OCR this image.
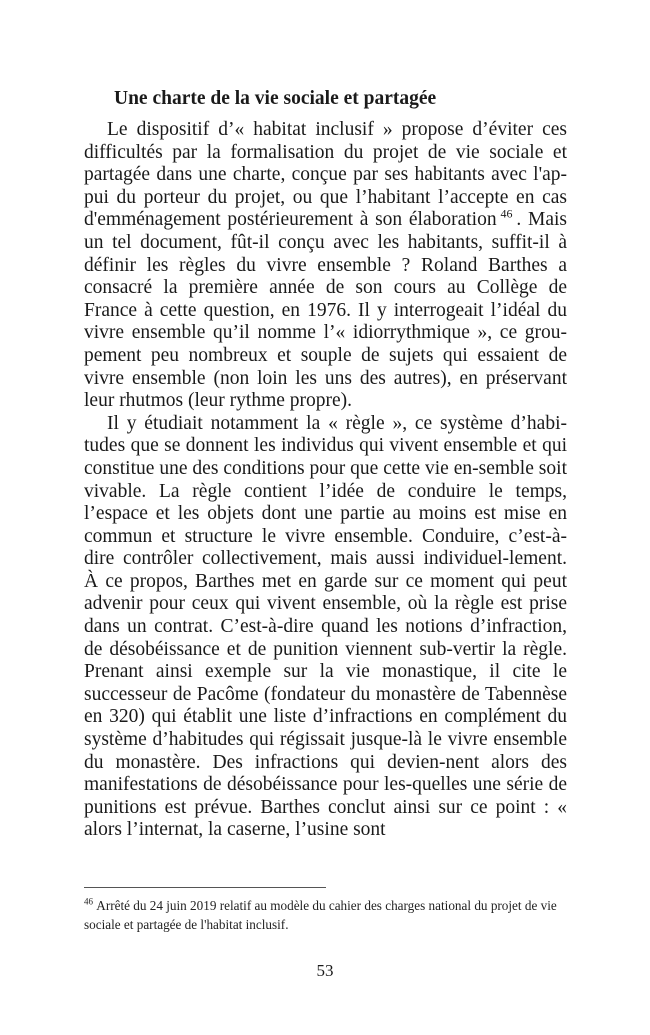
Une charte de la vie sociale et partagée

Le dispositif d’« habitat inclusif » propose d’éviter ces difficultés par la formalisation du projet de vie sociale et partagée dans une charte, conçue par ses habitants avec l'ap-pui du porteur du projet, ou que l’habitant l’accepte en cas d'emménagement postérieurement à son élaboration  $^{46}$  . Mais un tel document, fût-il conçu avec les habitants, suffit-il à définir les règles du vivre ensemble ? Roland Barthes a consacré la première année de son cours au Collège de France à cette question, en 1976. Il y interrogeait l’idéal du vivre ensemble qu’il nomme l’« idiorrythmique », ce grou-pement peu nombreux et souple de sujets qui essaient de vivre ensemble (non loin les uns des autres), en préservant leur rhutmos (leur rythme propre).

Il y étudiait notamment la « règle », ce système d’habi-tudes que se donnent les individus qui vivent ensemble et qui constitue une des conditions pour que cette vie en-semble soit vivable. La règle contient l’idée de conduire le temps, l’espace et les objets dont une partie au moins est mise en commun et structure le vivre ensemble. Conduire, c’est-à-dire contrôler collectivement, mais aussi individuel-lement. À ce propos, Barthes met en garde sur ce moment qui peut advenir pour ceux qui vivent ensemble, où la règle est prise dans un contrat. C’est-à-dire quand les notions d’infraction, de désobéissance et de punition viennent sub-vertir la règle. Prenant ainsi exemple sur la vie monastique, il cite le successeur de Pacôme (fondateur du monastère de Tabennèse en 320) qui établit une liste d’infractions en complément du système d’habitudes qui régissait jusque-là le vivre ensemble du monastère. Des infractions qui devien-nent alors des manifestations de désobéissance pour les-quelles une série de punitions est prévue. Barthes conclut ainsi sur ce point : « alors l’internat, la caserne, l’usine sont

$^{46}$ Arrêté du 24 juin 2019 relatif au modèle du cahier des charges national du projet de vie sociale et partagée de l'habitat inclusif.
53
